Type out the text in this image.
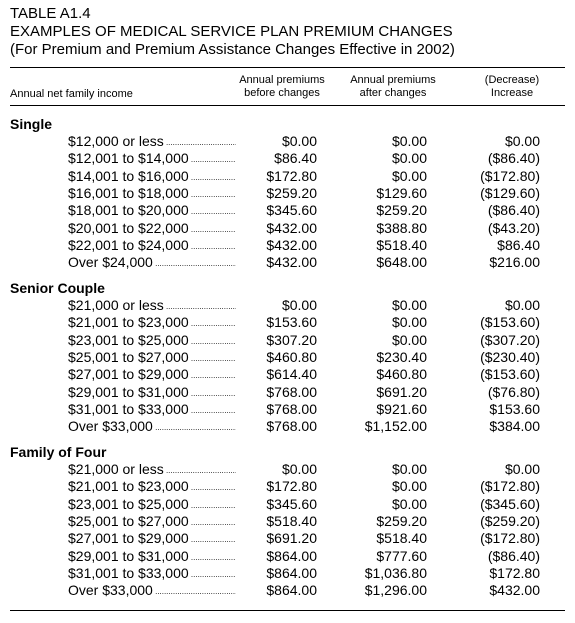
TABLE A1.4
EXAMPLES OF MEDICAL SERVICE PLAN PREMIUM CHANGES
(For Premium and Premium Assistance Changes Effective in 2002)
Annual net family income
Annual premiums
before changes
Annual premiums
after changes
(Decrease)
Increase
Single
$12,000 or less .....	$0.00	$0.00	$0.00
$12,001 to $14,000 .....	$86.40	$0.00	($86.40)
$14,001 to $16,000 .....	$172.80	$0.00	($172.80)
$16,001 to $18,000 .....	$259.20	$129.60	($129.60)
$18,001 to $20,000 .....	$345.60	$259.20	($86.40)
$20,001 to $22,000 .....	$432.00	$388.80	($43.20)
$22,001 to $24,000 .....	$432.00	$518.40	$86.40
Over $24,000 .....	$432.00	$648.00	$216.00
Senior Couple
$21,000 or less .....	$0.00	$0.00	$0.00
$21,001 to $23,000 .....	$153.60	$0.00	($153.60)
$23,001 to $25,000 .....	$307.20	$0.00	($307.20)
$25,001 to $27,000 .....	$460.80	$230.40	($230.40)
$27,001 to $29,000 .....	$614.40	$460.80	($153.60)
$29,001 to $31,000 .....	$768.00	$691.20	($76.80)
$31,001 to $33,000 .....	$768.00	$921.60	$153.60
Over $33,000 .....	$768.00	$1,152.00	$384.00
Family of Four
$21,000 or less .....	$0.00	$0.00	$0.00
$21,001 to $23,000 .....	$172.80	$0.00	($172.80)
$23,001 to $25,000 .....	$345.60	$0.00	($345.60)
$25,001 to $27,000 .....	$518.40	$259.20	($259.20)
$27,001 to $29,000 .....	$691.20	$518.40	($172.80)
$29,001 to $31,000 .....	$864.00	$777.60	($86.40)
$31,001 to $33,000 .....	$864.00	$1,036.80	$172.80
Over $33,000 .....	$864.00	$1,296.00	$432.00
